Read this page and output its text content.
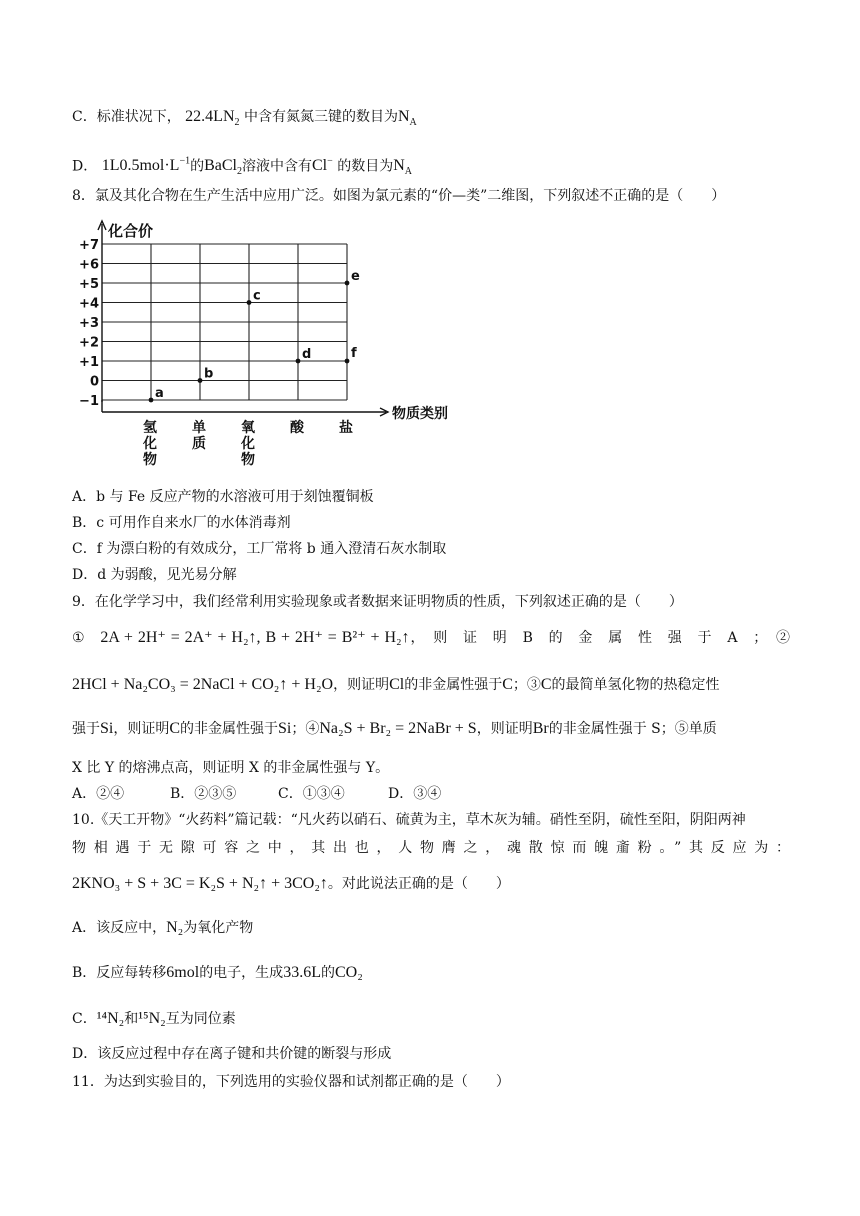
C．标准状况下， $22.4LN_2$ 中含有氮氮三键的数目为$N_A$
D． $1L0.5mol\cdot L^{-1}$的BaCl$_2$溶液中含有Cl− 的数目为$N_A$
8．氯及其化合物在生产生活中应用广泛。如图为氯元素的“价—类”二维图，下列叙述不正确的是（　　）
化合价
物质类别
+7
+6
+5
+4
+3
+2
+1
0
−1
氢
化
物
单
质
氧
化
物
酸	盐
a
b
c
d
e
f
A．b 与 Fe 反应产物的水溶液可用于刻蚀覆铜板
B．c 可用作自来水厂的水体消毒剂
C．f 为漂白粉的有效成分，工厂常将 b 通入澄清石灰水制取
D．d 为弱酸，见光易分解
9．在化学学习中，我们经常利用实验现象或者数据来证明物质的性质，下列叙述正确的是（　　）
①　 2A + 2H⁺ = 2A⁺ + H₂↑, B + 2H⁺ = B²⁺ + H₂↑，　则　证　明　B　的　金　属　性　强　于　A　；　②
2HCl + Na₂CO₃ = 2NaCl + CO₂↑ + H₂O，则证明Cl的非金属性强于C；③C的最简单氢化物的热稳定性
强于Si，则证明C的非金属性强于Si；④Na₂S + Br₂ = 2NaBr + S，则证明Br的非金属性强于 S；⑤单质
X 比 Y 的熔沸点高，则证明 X 的非金属性强与 Y。
A．②④	B．②③⑤	C．①③④	D．③④
10.《天工开物》“火药料”篇记载：“凡火药以硝石、硫黄为主，草木灰为辅。硝性至阴，硫性至阳，阴阳两神
物相遇于无隙可容之中，其出也，人物膺之，魂散惊而魄齑粉。”其反应为：
2KNO₃ + S + 3C = K₂S + N₂↑ + 3CO₂↑。对此说法正确的是（　　）
A．该反应中，N₂为氧化产物
B．反应每转移6mol的电子，生成33.6L的CO₂
C．¹⁴N₂和¹⁵N₂互为同位素
D．该反应过程中存在离子键和共价键的断裂与形成
11．为达到实验目的，下列选用的实验仪器和试剂都正确的是（　　）
